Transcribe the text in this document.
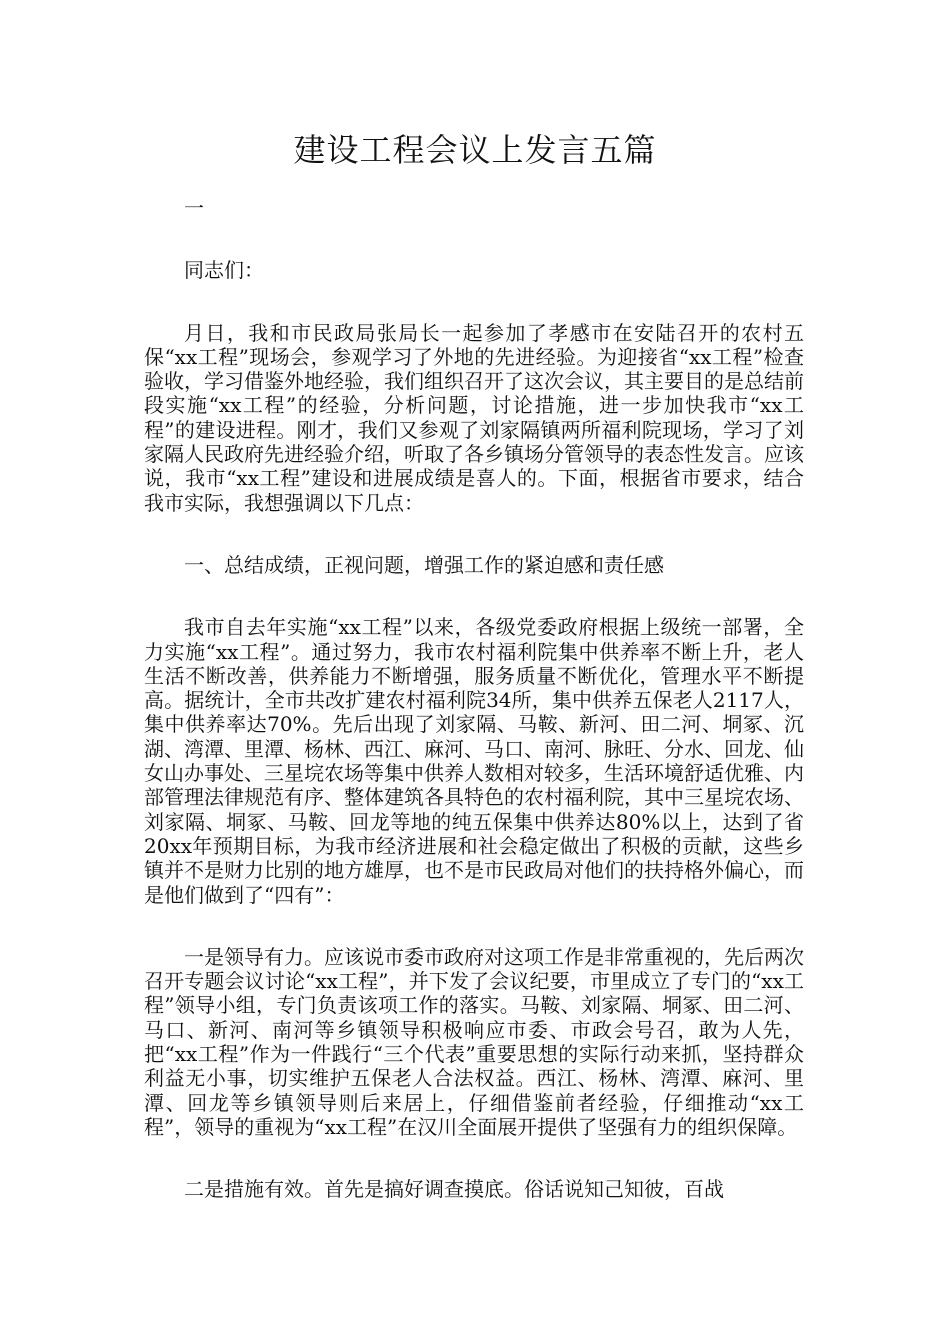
建设工程会议上发言五篇

一

同志们：

月日，我和市民政局张局长一起参加了孝感市在安陆召开的农村五保“xx工程”现场会，参观学习了外地的先进经验。为迎接省“xx工程”检查验收，学习借鉴外地经验，我们组织召开了这次会议，其主要目的是总结前段实施“xx工程”的经验，分析问题，讨论措施，进一步加快我市“xx工程”的建设进程。刚才，我们又参观了刘家隔镇两所福利院现场，学习了刘家隔人民政府先进经验介绍，听取了各乡镇场分管领导的表态性发言。应该说，我市“xx工程”建设和进展成绩是喜人的。下面，根据省市要求，结合我市实际，我想强调以下几点：

一、总结成绩，正视问题，增强工作的紧迫感和责任感

我市自去年实施“xx工程”以来，各级党委政府根据上级统一部署，全力实施“xx工程”。通过努力，我市农村福利院集中供养率不断上升，老人生活不断改善，供养能力不断增强，服务质量不断优化，管理水平不断提高。据统计，全市共改扩建农村福利院34所，集中供养五保老人2117人，集中供养率达70%。先后出现了刘家隔、马鞍、新河、田二河、垌冢、沉湖、湾潭、里潭、杨林、西江、麻河、马口、南河、脉旺、分水、回龙、仙女山办事处、三星垸农场等集中供养人数相对较多，生活环境舒适优雅、内部管理法律规范有序、整体建筑各具特色的农村福利院，其中三星垸农场、刘家隔、垌冢、马鞍、回龙等地的纯五保集中供养达80%以上，达到了省20xx年预期目标，为我市经济进展和社会稳定做出了积极的贡献，这些乡镇并不是财力比别的地方雄厚，也不是市民政局对他们的扶持格外偏心，而是他们做到了“四有”：

一是领导有力。应该说市委市政府对这项工作是非常重视的，先后两次召开专题会议讨论“xx工程”，并下发了会议纪要，市里成立了专门的“xx工程”领导小组，专门负责该项工作的落实。马鞍、刘家隔、垌冢、田二河、马口、新河、南河等乡镇领导积极响应市委、市政会号召，敢为人先，把“xx工程”作为一件践行“三个代表”重要思想的实际行动来抓，坚持群众利益无小事，切实维护五保老人合法权益。西江、杨林、湾潭、麻河、里潭、回龙等乡镇领导则后来居上，仔细借鉴前者经验，仔细推动“xx工程”，领导的重视为“xx工程”在汉川全面展开提供了坚强有力的组织保障。

二是措施有效。首先是搞好调查摸底。俗话说知己知彼，百战
